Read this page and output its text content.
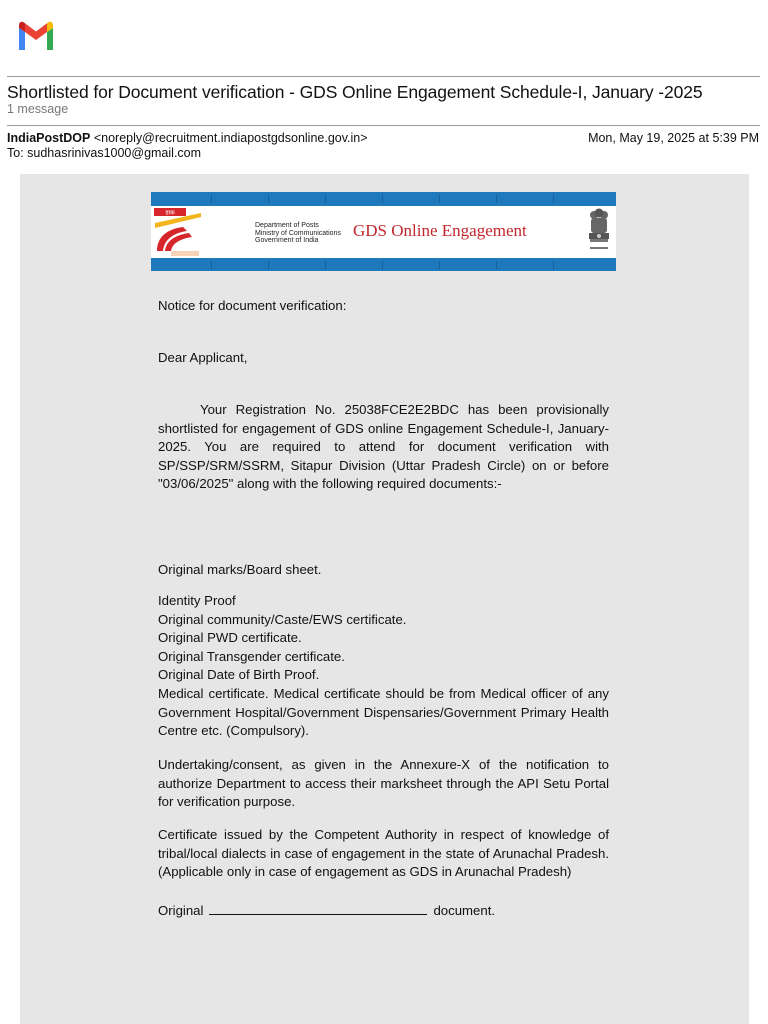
Shortlisted for Document verification - GDS Online Engagement Schedule-I, January -2025
1 message
IndiaPostDOP <noreply@recruitment.indiapostgdsonline.gov.in>
To: sudhasrinivas1000@gmail.com
Mon, May 19, 2025 at 5:39 PM
डाक
Department of Posts
Ministry of Communications
Government of India
GDS Online Engagement
Notice for document verification:
Dear Applicant,
Your Registration No. 25038FCE2E2BDC has been provisionally shortlisted for engagement of GDS online Engagement Schedule-I, January-2025. You are required to attend for document verification with SP/SSP/SRM/SSRM, Sitapur Division (Uttar Pradesh Circle) on or before "03/06/2025" along with the following required documents:-
Original marks/Board sheet.
Identity Proof
Original community/Caste/EWS certificate.
Original PWD certificate.
Original Transgender certificate.
Original Date of Birth Proof.
Medical certificate. Medical certificate should be from Medical officer of any Government Hospital/Government Dispensaries/Government Primary Health Centre etc. (Compulsory).
Undertaking/consent, as given in the Annexure-X of the notification to authorize Department to access their marksheet through the API Setu Portal for verification purpose.
Certificate issued by the Competent Authority in respect of knowledge of tribal/local dialects in case of engagement in the state of Arunachal Pradesh. (Applicable only in case of engagement as GDS in Arunachal Pradesh)
Original	document.
